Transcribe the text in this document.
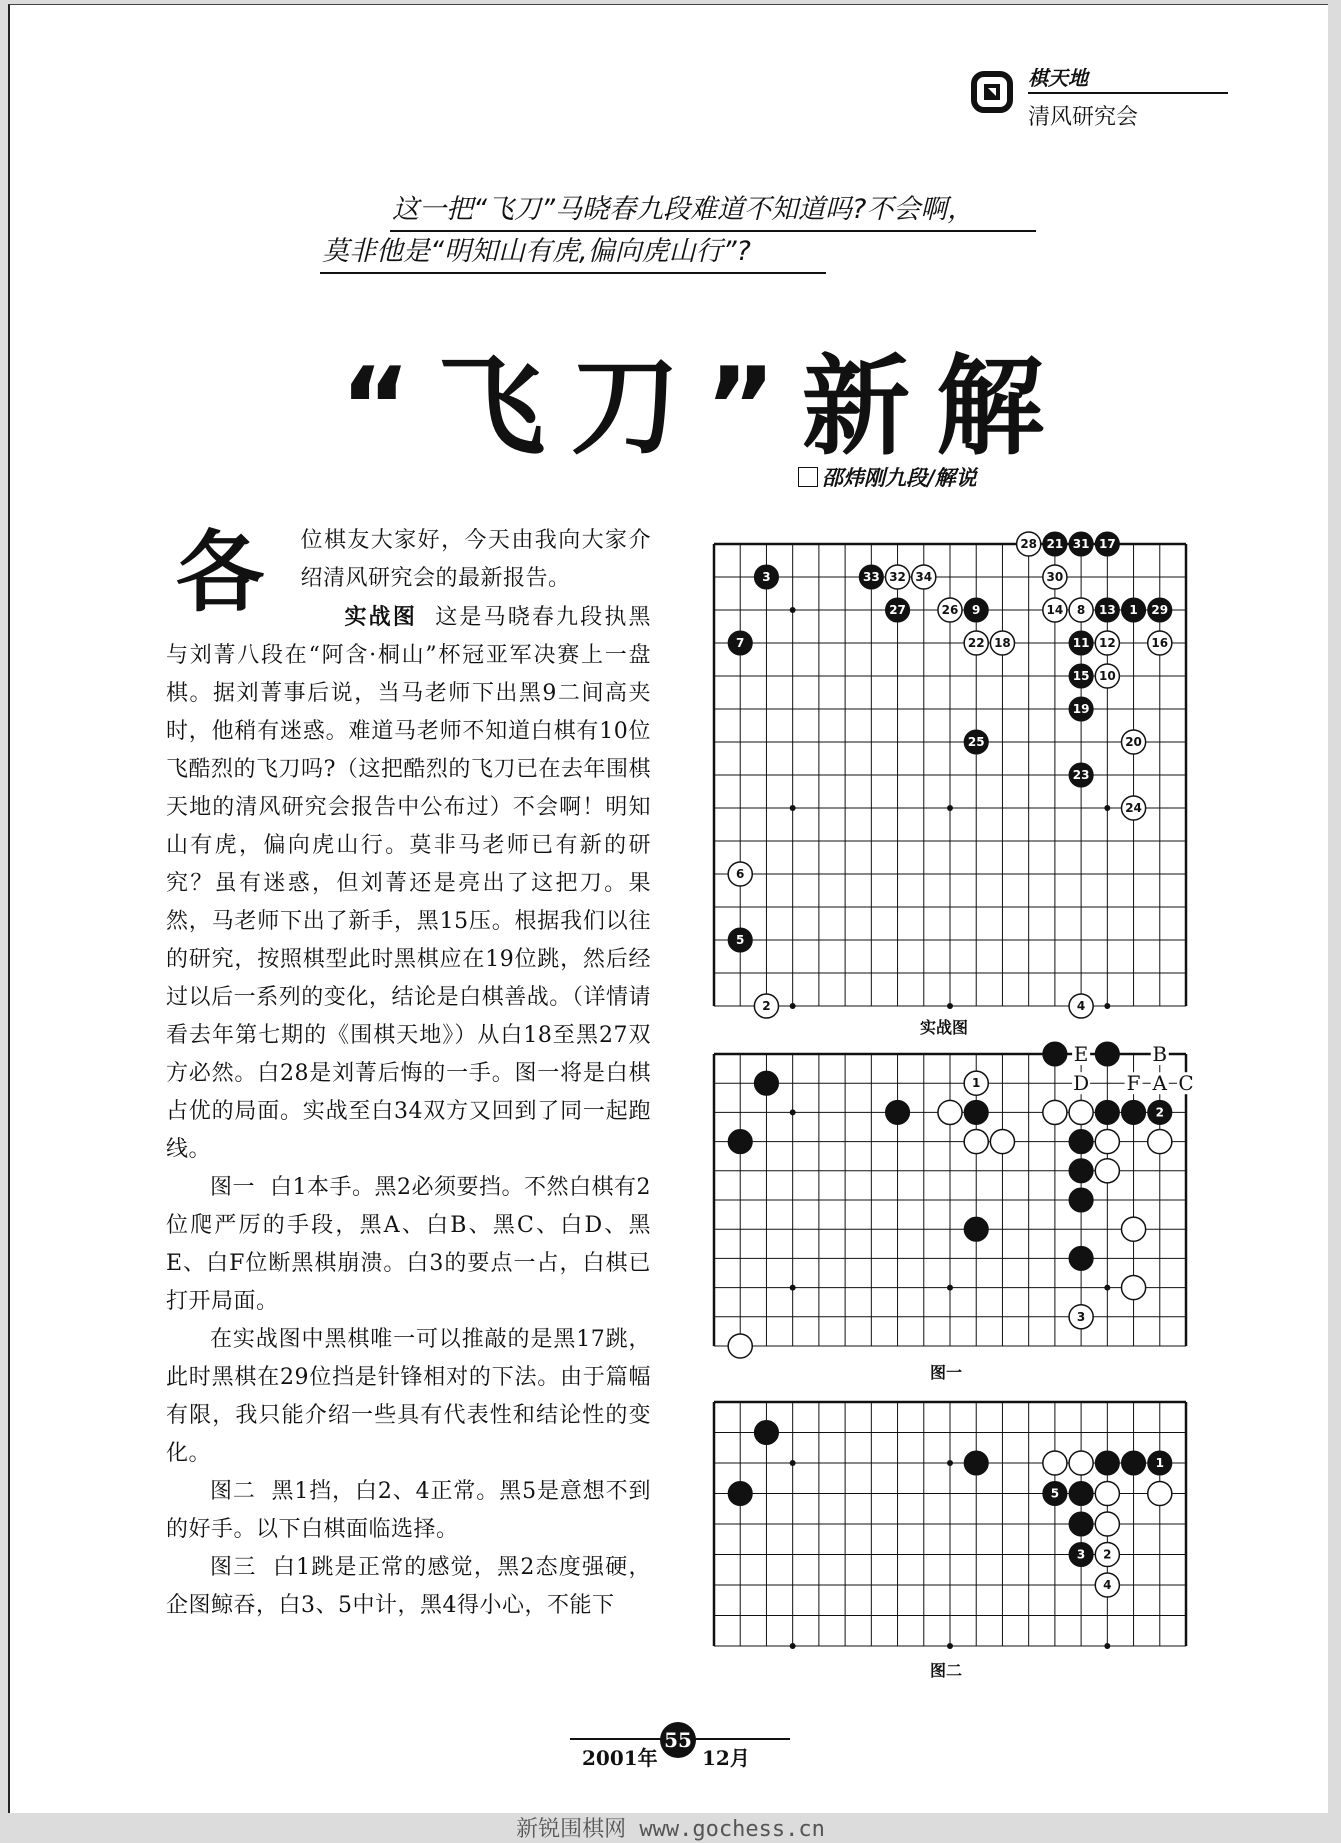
棋天地
清风研究会
这一把“飞刀”马晓春九段难道不知道吗?不会啊，
莫非他是“明知山有虎,偏向虎山行”?
“飞刀”新解
邵炜刚九段/解说

各 位棋友大家好，今天由我向大家介绍清风研究会的最新报告。

实战图 这是马晓春九段执黑与刘菁八段在“阿含·桐山”杯冠亚军决赛上一盘棋。据刘菁事后说，当马老师下出黑9二间高夹时，他稍有迷惑。难道马老师不知道白棋有10位飞酷烈的飞刀吗?（这把酷烈的飞刀已在去年围棋天地的清风研究会报告中公布过）不会啊！明知山有虎，偏向虎山行。莫非马老师已有新的研究？虽有迷惑，但刘菁还是亮出了这把刀。果然，马老师下出了新手，黑15压。根据我们以往的研究，按照棋型此时黑棋应在19位跳，然后经过以后一系列的变化，结论是白棋善战。（详情请看去年第七期的《围棋天地》）从白18至黑27双方必然。白28是刘菁后悔的一手。图一将是白棋占优的局面。实战至白34双方又回到了同一起跑线。

图一 白1本手。黑2必须要挡。不然白棋有2位爬严厉的手段，黑A、白B、黑C、白D、黑E、白F位断黑棋崩溃。白3的要点一占，白棋已打开局面。

在实战图中黑棋唯一可以推敲的是黑17跳，此时黑棋在29位挡是针锋相对的下法。由于篇幅有限，我只能介绍一些具有代表性和结论性的变化。

图二 黑1挡，白2、4正常。黑5是意想不到的好手。以下白棋面临选择。

图三 白1跳是正常的感觉，黑2态度强硬，企图鲸吞，白3、5中计，黑4得小心，不能下

3
7
33 32 34
28 21 31 17
30
27	26 9	14 8 13 1 29
22 18	11 12	16
15 10
19
25	20
23
24
6
5
2	4
实战图
1
2
3
E	B
D F A C
图一
1
5
3 2
4
图二
2001年
55
12月
新锐围棋网 www.gochess.cn
